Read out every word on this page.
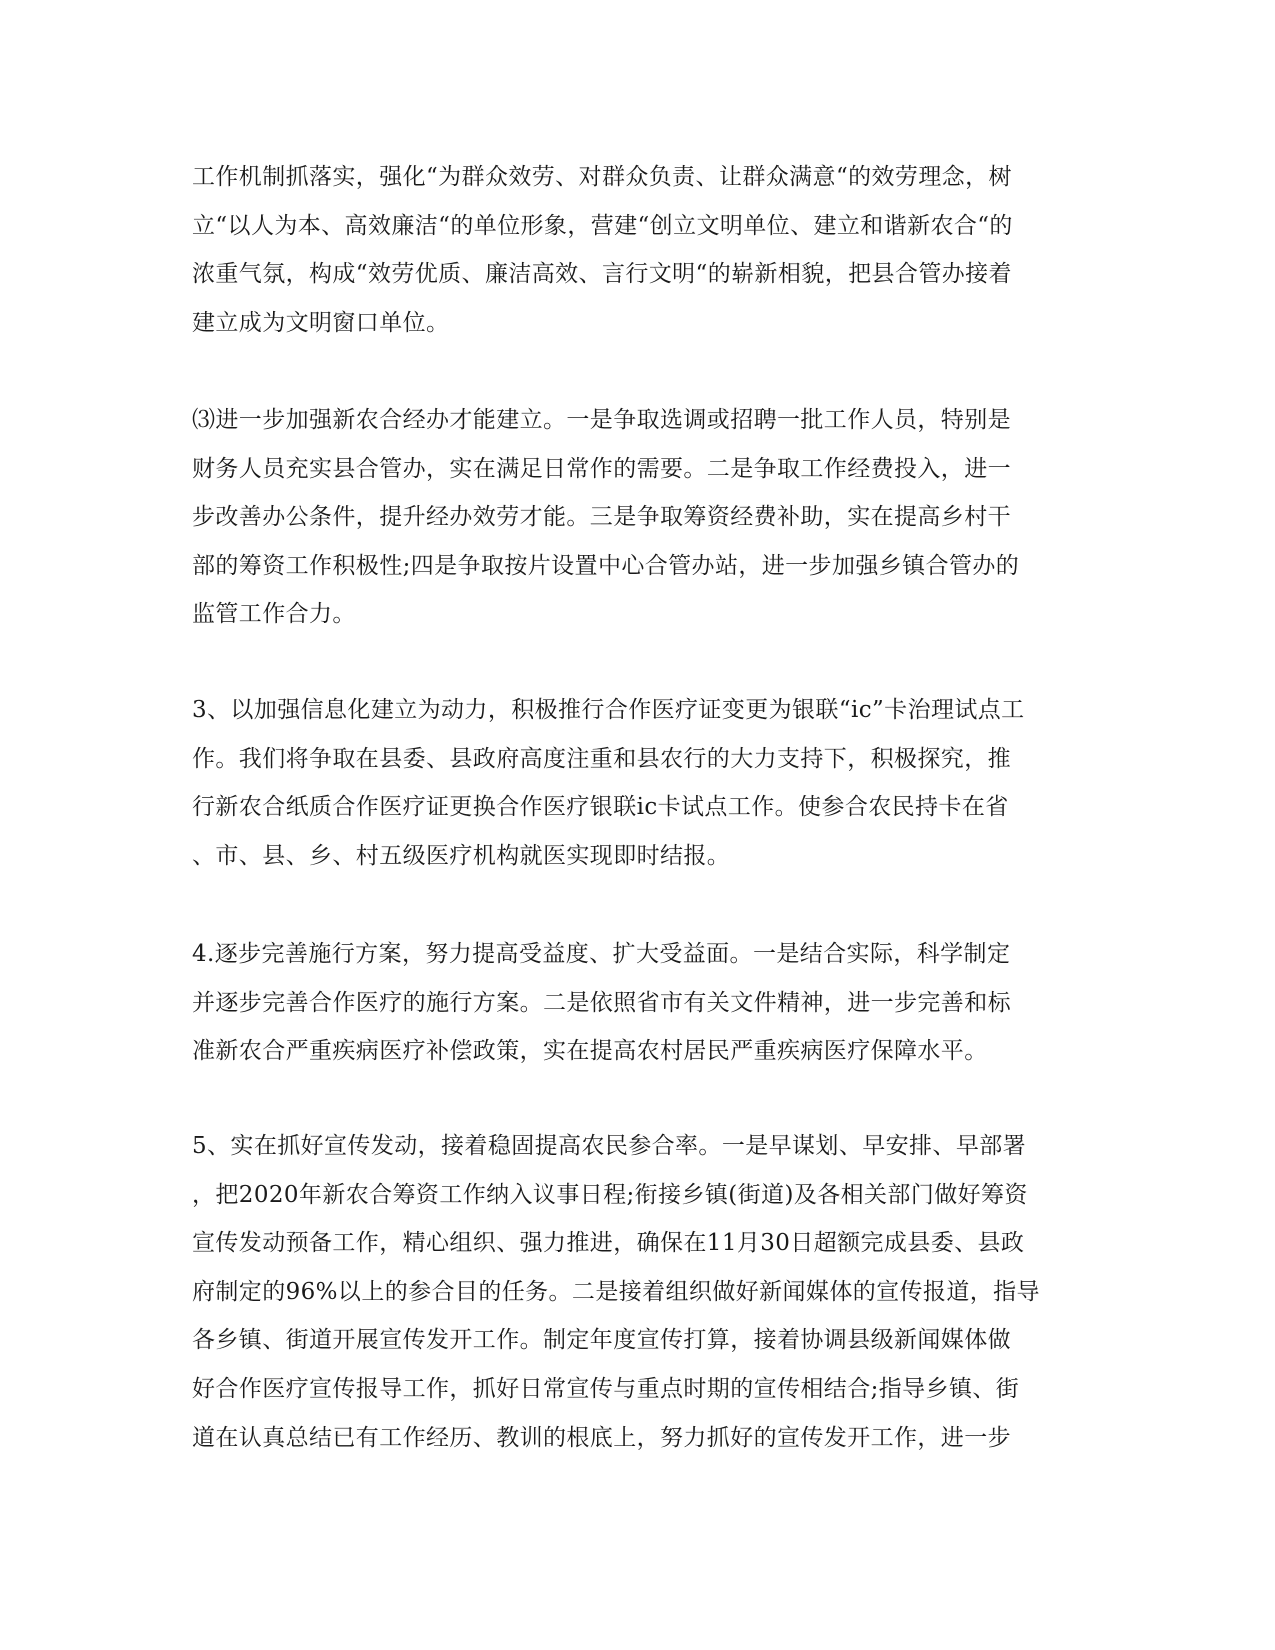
工作机制抓落实，强化“为群众效劳、对群众负责、让群众满意“的效劳理念，树
立“以人为本、高效廉洁“的单位形象，营建“创立文明单位、建立和谐新农合“的
浓重气氛，构成“效劳优质、廉洁高效、言行文明“的崭新相貌，把县合管办接着
建立成为文明窗口单位。

⑶进一步加强新农合经办才能建立。一是争取选调或招聘一批工作人员，特别是
财务人员充实县合管办，实在满足日常作的需要。二是争取工作经费投入，进一
步改善办公条件，提升经办效劳才能。三是争取筹资经费补助，实在提高乡村干
部的筹资工作积极性;四是争取按片设置中心合管办站，进一步加强乡镇合管办的
监管工作合力。

3、以加强信息化建立为动力，积极推行合作医疗证变更为银联“ic”卡治理试点工
作。我们将争取在县委、县政府高度注重和县农行的大力支持下，积极探究，推
行新农合纸质合作医疗证更换合作医疗银联ic卡试点工作。使参合农民持卡在省
、市、县、乡、村五级医疗机构就医实现即时结报。

4.逐步完善施行方案，努力提高受益度、扩大受益面。一是结合实际，科学制定
并逐步完善合作医疗的施行方案。二是依照省市有关文件精神，进一步完善和标
准新农合严重疾病医疗补偿政策，实在提高农村居民严重疾病医疗保障水平。

5、实在抓好宣传发动，接着稳固提高农民参合率。一是早谋划、早安排、早部署
，把2020年新农合筹资工作纳入议事日程;衔接乡镇(街道)及各相关部门做好筹资
宣传发动预备工作，精心组织、强力推进，确保在11月30日超额完成县委、县政
府制定的96%以上的参合目的任务。二是接着组织做好新闻媒体的宣传报道，指导
各乡镇、街道开展宣传发开工作。制定年度宣传打算，接着协调县级新闻媒体做
好合作医疗宣传报导工作，抓好日常宣传与重点时期的宣传相结合;指导乡镇、街
道在认真总结已有工作经历、教训的根底上，努力抓好的宣传发开工作，进一步
